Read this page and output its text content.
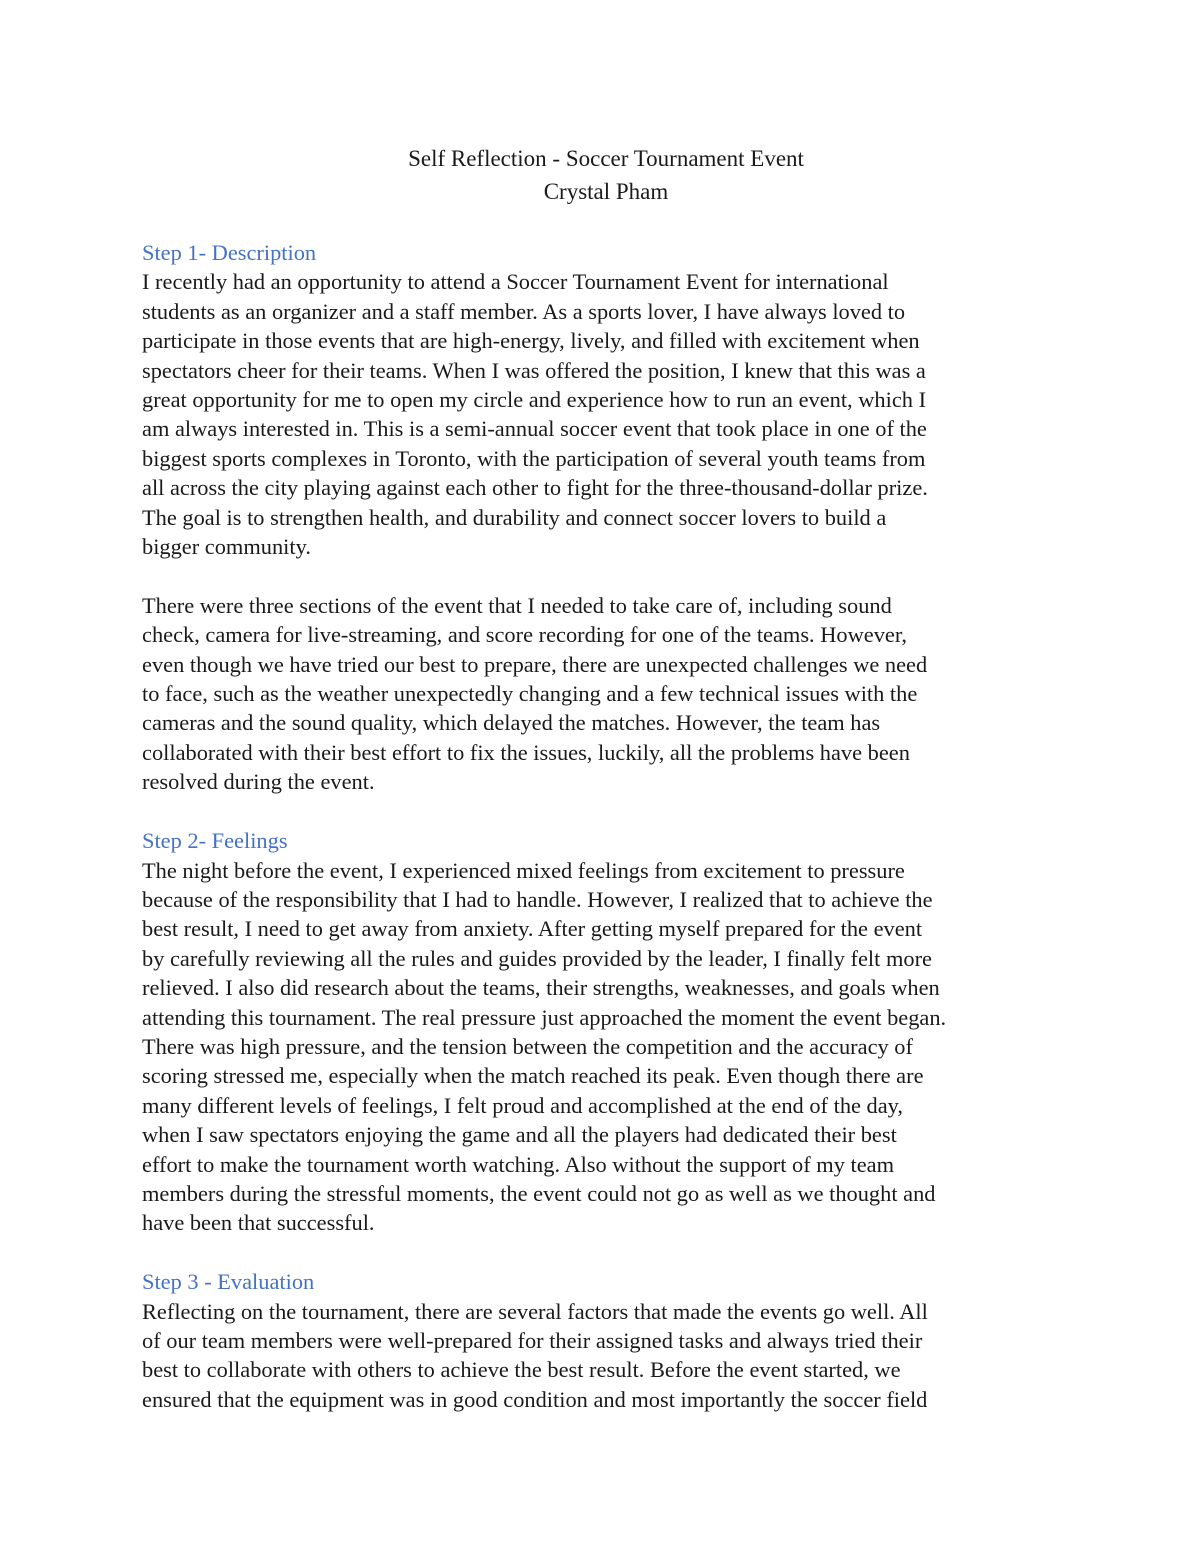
Self Reflection - Soccer Tournament Event
Crystal Pham
Step 1- Description
I recently had an opportunity to attend a Soccer Tournament Event for international
students as an organizer and a staff member. As a sports lover, I have always loved to
participate in those events that are high-energy, lively, and filled with excitement when
spectators cheer for their teams. When I was offered the position, I knew that this was a
great opportunity for me to open my circle and experience how to run an event, which I
am always interested in. This is a semi-annual soccer event that took place in one of the
biggest sports complexes in Toronto, with the participation of several youth teams from
all across the city playing against each other to fight for the three-thousand-dollar prize.
The goal is to strengthen health, and durability and connect soccer lovers to build a
bigger community.
There were three sections of the event that I needed to take care of, including sound
check, camera for live-streaming, and score recording for one of the teams. However,
even though we have tried our best to prepare, there are unexpected challenges we need
to face, such as the weather unexpectedly changing and a few technical issues with the
cameras and the sound quality, which delayed the matches. However, the team has
collaborated with their best effort to fix the issues, luckily, all the problems have been
resolved during the event.
Step 2- Feelings
The night before the event, I experienced mixed feelings from excitement to pressure
because of the responsibility that I had to handle. However, I realized that to achieve the
best result, I need to get away from anxiety. After getting myself prepared for the event
by carefully reviewing all the rules and guides provided by the leader, I finally felt more
relieved. I also did research about the teams, their strengths, weaknesses, and goals when
attending this tournament. The real pressure just approached the moment the event began.
There was high pressure, and the tension between the competition and the accuracy of
scoring stressed me, especially when the match reached its peak. Even though there are
many different levels of feelings, I felt proud and accomplished at the end of the day,
when I saw spectators enjoying the game and all the players had dedicated their best
effort to make the tournament worth watching. Also without the support of my team
members during the stressful moments, the event could not go as well as we thought and
have been that successful.
Step 3 - Evaluation
Reflecting on the tournament, there are several factors that made the events go well. All
of our team members were well-prepared for their assigned tasks and always tried their
best to collaborate with others to achieve the best result. Before the event started, we
ensured that the equipment was in good condition and most importantly the soccer field
